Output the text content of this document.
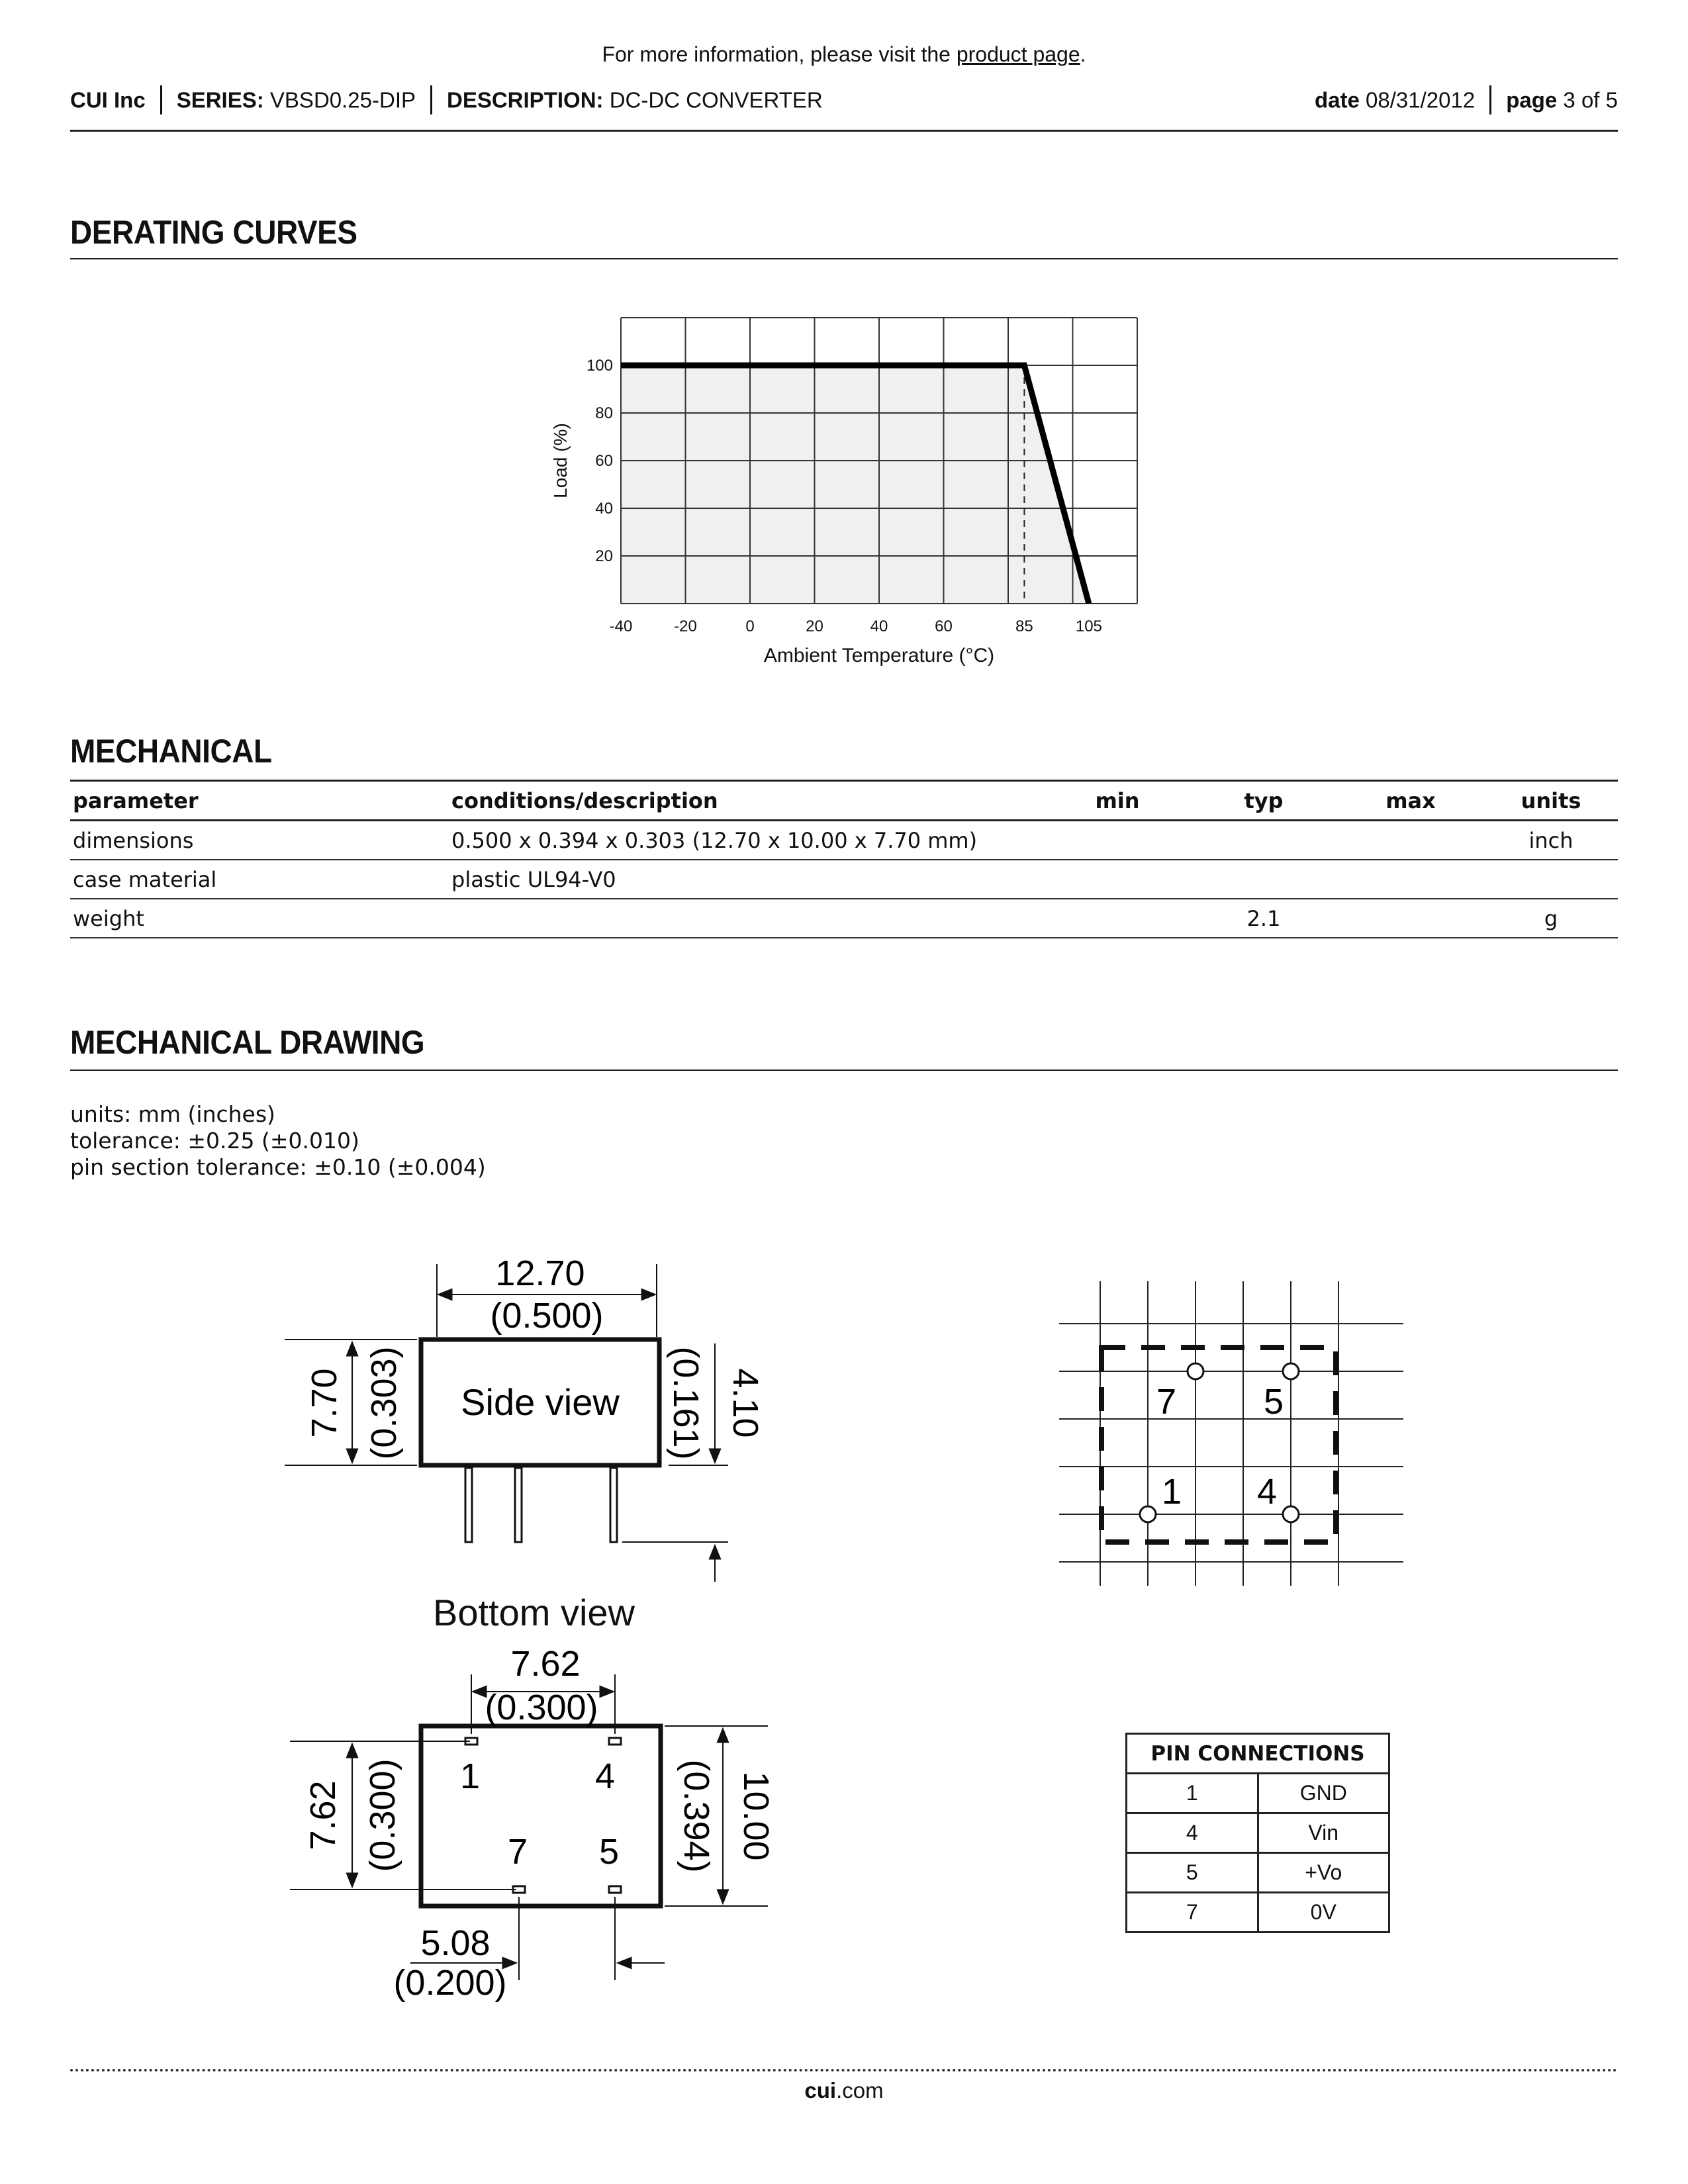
For more information, please visit the product page.
CUI Inc SERIES: VBSD0.25-DIP DESCRIPTION: DC-DC CONVERTER	date 08/31/2012 page 3 of 5
DERATING CURVES
-40	-20	0	20	40	60	85	105
20
40
60
80
100
Ambient Temperature (°C)
Load (%)
MECHANICAL
parameter	conditions/description	min	typ	max	units
dimensions	0.500 x 0.394 x 0.303 (12.70 x 10.00 x 7.70 mm)				inch
case material	plastic UL94-V0				
weight			2.1		g
MECHANICAL DRAWING
units: mm (inches)
tolerance: ±0.25 (±0.010)
pin section tolerance: ±0.10 (±0.004)
12.70
(0.500)
7.70 (0.303)	(0.161) 4.10
Side view
Bottom view
1	4
7 5
7.62
(0.300)
7.62 (0.300)	(0.394) 10.00
5.08
(0.200)
7 5
1 4
PIN CONNECTIONS	
1	GND
4	Vin
5	+Vo
7	0V
cui.com
